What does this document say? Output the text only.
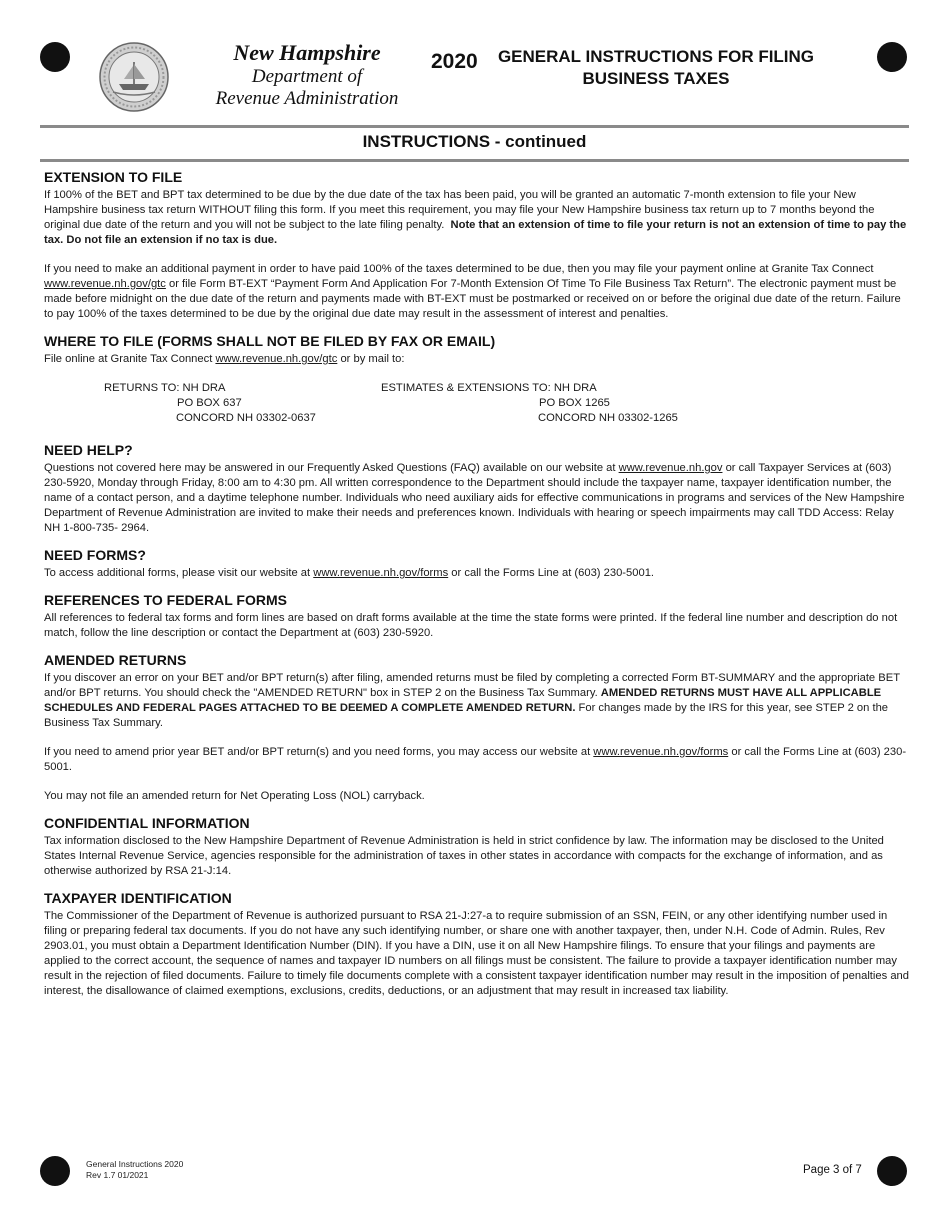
New Hampshire
Department of
Revenue Administration
2020 GENERAL INSTRUCTIONS FOR FILING
BUSINESS TAXES
INSTRUCTIONS - continued
EXTENSION TO FILE

If 100% of the BET and BPT tax determined to be due by the due date of the tax has been paid, you will be granted an automatic 7-month extension to file your New Hampshire business tax return WITHOUT filing this form. If you meet this requirement, you may file your New Hampshire business tax return up to 7 months beyond the original due date of the return and you will not be subject to the late filing penalty. Note that an extension of time to file your return is not an extension of time to pay the tax. Do not file an extension if no tax is due.

If you need to make an additional payment in order to have paid 100% of the taxes determined to be due, then you may file your payment online at Granite Tax Connect www.revenue.nh.gov/gtc or file Form BT-EXT “Payment Form And Application For 7-Month Extension Of Time To File Business Tax Return”. The electronic payment must be made before midnight on the due date of the return and payments made with BT-EXT must be postmarked or received on or before the original due date of the return. Failure to pay 100% of the taxes determined to be due by the original due date may result in the assessment of interest and penalties.

WHERE TO FILE (FORMS SHALL NOT BE FILED BY FAX OR EMAIL)
File online at Granite Tax Connect www.revenue.nh.gov/gtc or by mail to:
RETURNS TO: NH DRA
PO BOX 637
CONCORD NH 03302-0637
ESTIMATES & EXTENSIONS TO: NH DRA
PO BOX 1265
CONCORD NH 03302-1265
NEED HELP?

Questions not covered here may be answered in our Frequently Asked Questions (FAQ) available on our website at www.revenue.nh.gov or call Taxpayer Services at (603) 230-5920, Monday through Friday, 8:00 am to 4:30 pm. All written correspondence to the Department should include the taxpayer name, taxpayer identification number, the name of a contact person, and a daytime telephone number. Individuals who need auxiliary aids for effective communications in programs and services of the New Hampshire Department of Revenue Administration are invited to make their needs and preferences known. Individuals with hearing or speech impairments may call TDD Access: Relay NH 1-800-735- 2964.

NEED FORMS?

To access additional forms, please visit our website at www.revenue.nh.gov/forms or call the Forms Line at (603) 230-5001.

REFERENCES TO FEDERAL FORMS

All references to federal tax forms and form lines are based on draft forms available at the time the state forms were printed. If the federal line number and description do not match, follow the line description or contact the Department at (603) 230-5920.

AMENDED RETURNS

If you discover an error on your BET and/or BPT return(s) after filing, amended returns must be filed by completing a corrected Form BT-SUMMARY and the appropriate BET and/or BPT returns. You should check the "AMENDED RETURN" box in STEP 2 on the Business Tax Summary. AMENDED RETURNS MUST HAVE ALL APPLICABLE SCHEDULES AND FEDERAL PAGES ATTACHED TO BE DEEMED A COMPLETE AMENDED RETURN. For changes made by the IRS for this year, see STEP 2 on the Business Tax Summary.

If you need to amend prior year BET and/or BPT return(s) and you need forms, you may access our website at www.revenue.nh.gov/forms or call the Forms Line at (603) 230-5001.

You may not file an amended return for Net Operating Loss (NOL) carryback.

CONFIDENTIAL INFORMATION

Tax information disclosed to the New Hampshire Department of Revenue Administration is held in strict confidence by law. The information may be disclosed to the United States Internal Revenue Service, agencies responsible for the administration of taxes in other states in accordance with compacts for the exchange of information, and as otherwise authorized by RSA 21-J:14.

TAXPAYER IDENTIFICATION

The Commissioner of the Department of Revenue is authorized pursuant to RSA 21-J:27-a to require submission of an SSN, FEIN, or any other identifying number used in filing or preparing federal tax documents. If you do not have any such identifying number, or share one with another taxpayer, then, under N.H. Code of Admin. Rules, Rev 2903.01, you must obtain a Department Identification Number (DIN). If you have a DIN, use it on all New Hampshire filings. To ensure that your filings and payments are applied to the correct account, the sequence of names and taxpayer ID numbers on all filings must be consistent. The failure to provide a taxpayer identification number may result in the rejection of filed documents. Failure to timely file documents complete with a consistent taxpayer identification number may result in the imposition of penalties and interest, the disallowance of claimed exemptions, exclusions, credits, deductions, or an adjustment that may result in increased tax liability.

General Instructions 2020
Rev 1.7 01/2021	Page 3 of 7
